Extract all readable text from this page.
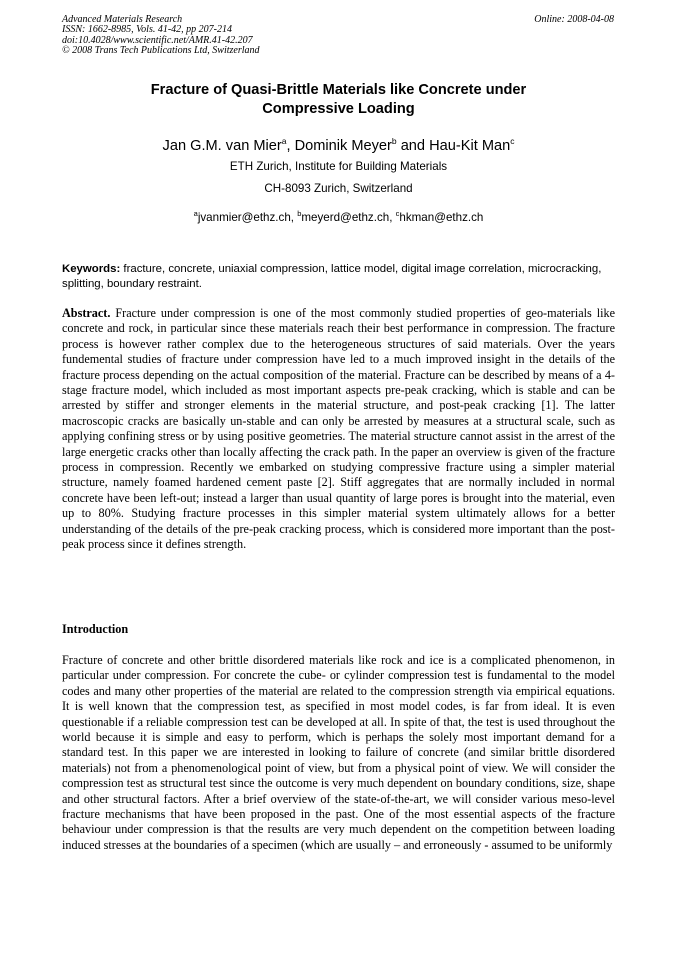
Advanced Materials Research
ISSN: 1662-8985, Vols. 41-42, pp 207-214
doi:10.4028/www.scientific.net/AMR.41-42.207
© 2008 Trans Tech Publications Ltd, Switzerland
Online: 2008-04-08
Fracture of Quasi-Brittle Materials like Concrete under
Compressive Loading
Jan G.M. van Mier$^a$, Dominik Meyer$^b$ and Hau-Kit Man$^c$
ETH Zurich, Institute for Building Materials
CH-8093 Zurich, Switzerland
$^a$jvanmier@ethz.ch, $^b$meyerd@ethz.ch, $^c$hkman@ethz.ch
Keywords: fracture, concrete, uniaxial compression, lattice model, digital image correlation, microcracking, splitting, boundary restraint.
Abstract. Fracture under compression is one of the most commonly studied properties of geo-materials like concrete and rock, in particular since these materials reach their best performance in compression. The fracture process is however rather complex due to the heterogeneous structures of said materials. Over the years fundemental studies of fracture under compression have led to a much improved insight in the details of the fracture process depending on the actual composition of the material. Fracture can be described by means of a 4-stage fracture model, which included as most important aspects pre-peak cracking, which is stable and can be arrested by stiffer and stronger elements in the material structure, and post-peak cracking [1]. The latter macroscopic cracks are basically un-stable and can only be arrested by measures at a structural scale, such as applying confining stress or by using positive geometries. The material structure cannot assist in the arrest of the large energetic cracks other than locally affecting the crack path. In the paper an overview is given of the fracture process in compression. Recently we embarked on studying compressive fracture using a simpler material structure, namely foamed hardened cement paste [2]. Stiff aggregates that are normally included in normal concrete have been left-out; instead a larger than usual quantity of large pores is brought into the material, even up to 80%. Studying fracture processes in this simpler material system ultimately allows for a better understanding of the details of the pre-peak cracking process, which is considered more important than the post-peak process since it defines strength.
Introduction
Fracture of concrete and other brittle disordered materials like rock and ice is a complicated phenomenon, in particular under compression. For concrete the cube- or cylinder compression test is fundamental to the model codes and many other properties of the material are related to the compression strength via empirical equations. It is well known that the compression test, as specified in most model codes, is far from ideal. It is even questionable if a reliable compression test can be developed at all. In spite of that, the test is used throughout the world because it is simple and easy to perform, which is perhaps the solely most important demand for a standard test. In this paper we are interested in looking to failure of concrete (and similar brittle disordered materials) not from a phenomenological point of view, but from a physical point of view. We will consider the compression test as structural test since the outcome is very much dependent on boundary conditions, size, shape and other structural factors. After a brief overview of the state-of-the-art, we will consider various meso-level fracture mechanisms that have been proposed in the past. One of the most essential aspects of the fracture behaviour under compression is that the results are very much dependent on the competition between loading induced stresses at the boundaries of a specimen (which are usually – and erroneously - assumed to be uniformly
